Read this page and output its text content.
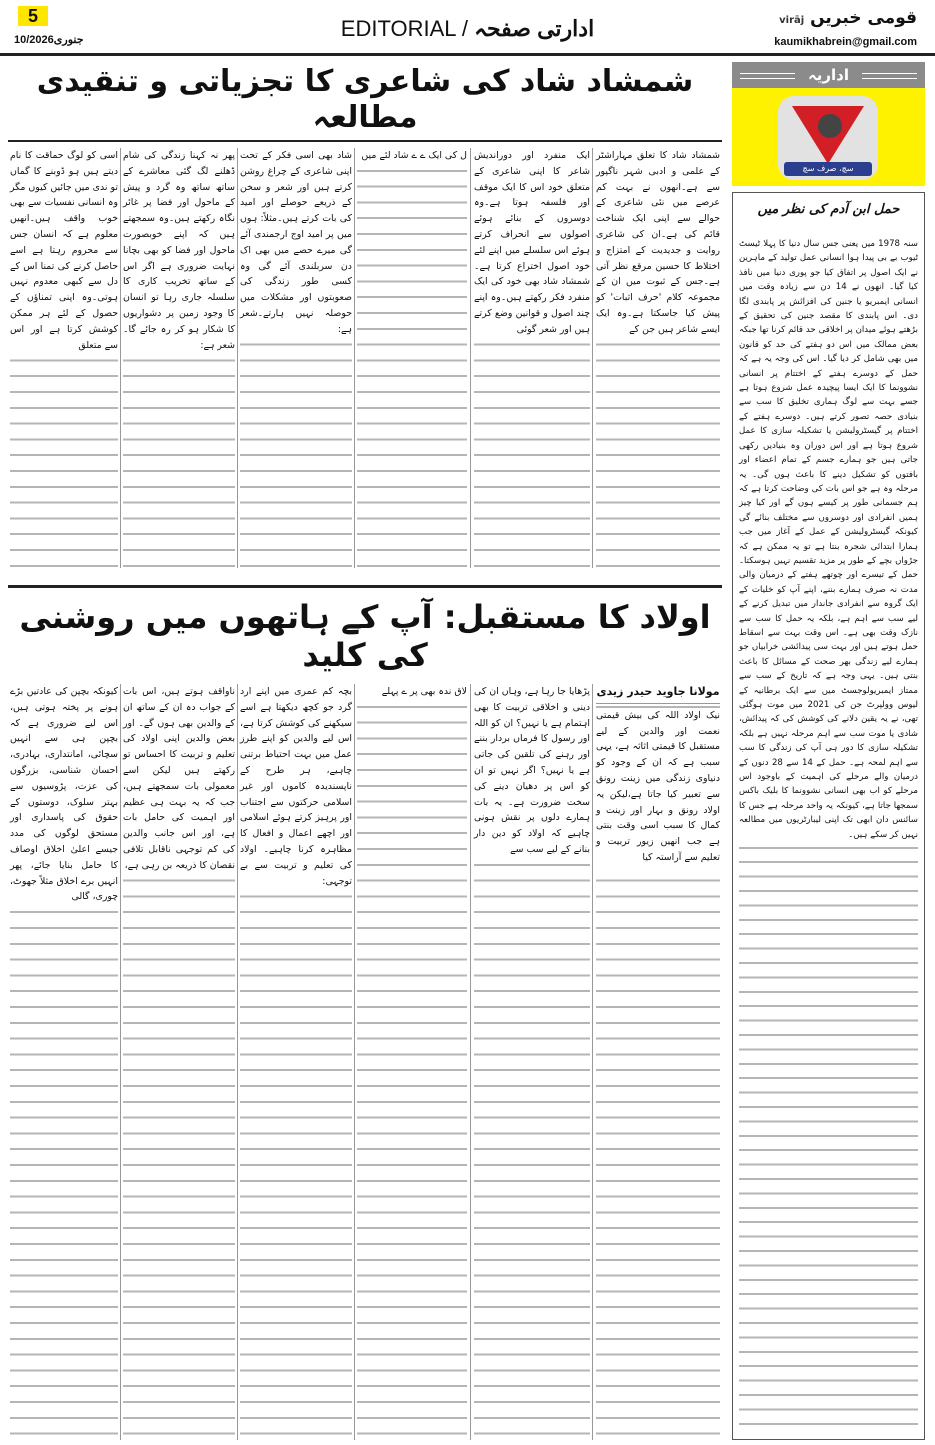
5
10/جنوری2026	EDITORIAL / ادارتی صفحہ	قومی خبریں virāj
kaumikhabrein@gmail.com
شمشاد شاد کی شاعری کا تجزیاتی و تنقیدی مطالعہ

شمشاد شاد کا تعلق مہاراشٹر کے علمی و ادبی شہر ناگپور سے ہے۔انھوں نے بہت کم عرصے میں نئی شاعری کے حوالے سے اپنی ایک شناخت قائم کی ہے۔ان کی شاعری روایت و جدیدیت کے امتزاج و اختلاط کا حسین مرقع نظر آتی ہے۔جس کے ثبوت میں ان کے مجموعہ کلام 'حرف اثبات' کو پیش کیا جاسکتا ہے۔وہ ایک ایسے شاعر ہیں جن کے

ایک منفرد اور دوراندیش شاعر کا اپنی شاعری کے متعلق خود اس کا ایک موقف اور فلسفہ ہوتا ہے۔وہ دوسروں کے بنائے ہوئے اصولوں سے انحراف کرتے ہوئے اس سلسلے میں اپنے لئے خود اصول اختراع کرتا ہے۔شمشاد شاد بھی خود کی ایک منفرد فکر رکھتے ہیں۔وہ اپنے چند اصول و قوانین وضع کرتے ہیں اور شعر گوئی

ل کی ایک ے ے شاد لئے میں

شاد بھی اسی فکر کے تحت اپنی شاعری کے چراغ روشن کرتے ہیں اور شعر و سخن کے ذریعے حوصلے اور امید کی بات کرتے ہیں۔مثلاً: ہوں میں پر امید اوج ارجمندی آئے گی میرے حصے میں بھی اک دن سربلندی آئے گی وہ کسی طور زندگی کی صعوبتوں اور مشکلات میں حوصلہ نہیں ہارتے۔شعر ہے:

پھر نہ کہنا زندگی کی شام ڈھلنے لگ گئی معاشرے کے ساتھ ساتھ وہ گرد و پیش کے ماحول اور فضا پر غائر نگاہ رکھتے ہیں۔وہ سمجھتے ہیں کہ اپنے خوبصورت ماحول اور فضا کو بھی بچانا نہایت ضروری ہے اگر اس کے ساتھ تخریب کاری کا سلسلہ جاری رہا تو انسان کا وجود زمین پر دشواریوں کا شکار ہو کر رہ جائے گا۔شعر ہے:

اسی کو لوگ حماقت کا نام دیتے ہیں ہو ڈوبنے کا گماں تو ندی میں جائیں کیوں مگر وہ انسانی نفسیات سے بھی خوب واقف ہیں۔انھیں معلوم ہے کہ انسان جس سے محروم رہتا ہے اسے حاصل کرنے کی تمنا اس کے دل سے کبھی معدوم نہیں ہوتی۔وہ اپنی تمناؤں کے حصول کے لئے ہر ممکن کوشش کرتا ہے اور اس سے متعلق

اولاد کا مستقبل: آپ کے ہاتھوں میں روشنی کی کلید
مولانا جاوید حیدر زیدی

نیک اولاد اللہ کی بیش قیمتی نعمت اور والدین کے لیے مستقبل کا قیمتی اثاثہ ہے، یہی سبب ہے کہ ان کے وجود کو دنیاوی زندگی میں زینت رونق سے تعبیر کیا جاتا ہے،لیکن یہ اولاد رونق و بہار اور زینت و کمال کا سبب اسی وقت بنتی ہے جب انھیں زیور تربیت و تعلیم سے آراستہ کیا

پڑھایا جا رہا ہے، وہاں ان کی دینی و اخلاقی تربیت کا بھی اہتمام ہے یا نہیں؟ ان کو اللہ اور رسول کا فرماں بردار بننے اور رہنے کی تلقین کی جاتی ہے یا نہیں؟ اگر نہیں تو ان کو اس پر دھیان دینے کی سخت ضرورت ہے۔ یہ بات ہمارے دلوں پر نقش ہونی چاہیے کہ اولاد کو دین دار بنانے کے لیے سب سے

لاق ندہ بھی پر ے پہلے

بچہ کم عمری میں اپنے ارد گرد جو کچھ دیکھتا ہے اسے سیکھنے کی کوشش کرتا ہے، اس لیے والدین کو اپنے طرز عمل میں بہت احتیاط برتنی چاہیے، ہر طرح کے ناپسندیدہ کاموں اور غیر اسلامی حرکتوں سے اجتناب اور پرہیز کرتے ہوئے اسلامی اور اچھے اعمال و افعال کا مظاہرہ کرنا چاہیے۔ اولاد کی تعلیم و تربیت سے بے توجہی:

ناواقف ہوتے ہیں، اس بات کے جواب دہ ان کے ساتھ ان کے والدین بھی ہوں گے۔ اور بعض والدین اپنی اولاد کی تعلیم و تربیت کا احساس تو رکھتے ہیں لیکن اسے معمولی بات سمجھتے ہیں، جب کہ یہ بہت ہی عظیم اور اہمیت کی حامل بات ہے، اور اس جانب والدین کی کم توجہی ناقابل تلافی نقصان کا ذریعہ بن رہی ہے،

کیونکہ بچپن کی عادتیں بڑے ہونے پر پختہ ہوتی ہیں، اس لیے ضروری ہے کہ بچپن ہی سے انہیں سچائی، امانتداری، بہادری، احسان شناسی، بزرگوں کی عزت، پڑوسیوں سے بہتر سلوک، دوستوں کے حقوق کی پاسداری اور مستحق لوگوں کی مدد جیسے اعلیٰ اخلاق اوصاف کا حامل بنایا جائے، پھر انہیں برے اخلاق مثلاً جھوٹ، چوری، گالی

اداریہ
سچ، صرف سچ
حمل ابن آدم کی نظر میں

سنہ 1978 میں یعنی جس سال دنیا کا پہلا ٹیسٹ ٹیوب بے بی پیدا ہوا انسانی عمل تولید کے ماہرین نے ایک اصول پر اتفاق کیا جو پوری دنیا میں نافذ کیا گیا۔ انھوں نے 14 دن سے زیادہ وقت میں انسانی ایمبریو یا جنین کی افزائش پر پابندی لگا دی۔ اس پابندی کا مقصد جنین کی تحقیق کے بڑھتے ہوئے میدان پر اخلاقی حد قائم کرنا تھا جبکہ بعض ممالک میں اس دو ہفتے کی حد کو قانون میں بھی شامل کر دیا گیا۔ اس کی وجہ یہ ہے کہ حمل کے دوسرے ہفتے کے اختتام پر انسانی نشوونما کا ایک ایسا پیچیدہ عمل شروع ہوتا ہے جسے بہت سے لوگ ہماری تخلیق کا سب سے بنیادی حصہ تصور کرتے ہیں۔ دوسرے ہفتے کے اختتام پر گیسٹرولیشن یا تشکیلہ سازی کا عمل شروع ہوتا ہے اور اس دوران وہ بنیادیں رکھی جاتی ہیں جو ہمارے جسم کے تمام اعضاء اور بافتوں کو تشکیل دینے کا باعث ہوں گی۔ یہ مرحلہ وہ ہے جو اس بات کی وضاحت کرتا ہے کہ ہم جسمانی طور پر کیسے ہوں گے اور کیا چیز ہمیں انفرادی اور دوسروں سے مختلف بنائے گی کیونکہ گیسٹرولیشن کے عمل کے آغاز میں جب ہمارا ابتدائی شجرہ بنتا ہے تو یہ ممکن ہے کہ جڑواں بچے کے طور پر مزید تقسیم نہیں ہوسکتا۔ حمل کے تیسرے اور چوتھے ہفتے کے درمیان والی مدت نہ صرف ہمارے بننے، اپنے آپ کو خلیات کے ایک گروہ سے انفرادی جاندار میں تبدیل کرنے کے لیے سب سے اہم ہے، بلکہ یہ حمل کا سب سے نازک وقت بھی ہے۔ اس وقت بہت سے اسقاط حمل ہوتے ہیں اور بہت سی پیدائشی خرابیاں جو ہمارے لیے زندگی بھر صحت کے مسائل کا باعث بنتی ہیں۔ یہی وجہ ہے کہ تاریخ کے سب سے ممتاز ایمبریولوجسٹ میں سے ایک برطانیہ کے لیوس وولپرٹ جن کی 2021 میں موت ہوگئی تھی، نے یہ یقین دلانے کی کوشش کی کہ پیدائش، شادی یا موت سب سے اہم مرحلہ نہیں ہے بلکہ تشکیلہ سازی کا دور ہی آپ کی زندگی کا سب سے اہم لمحہ ہے۔ حمل کے 14 سے 28 دنوں کے درمیان والے مرحلے کی اہمیت کے باوجود اس مرحلے کو اب بھی انسانی نشوونما کا بلیک باکس سمجھا جاتا ہے، کیونکہ یہ واحد مرحلہ ہے جس کا سائنس دان ابھی تک اپنی لیبارٹریوں میں مطالعہ نہیں کر سکے ہیں۔
